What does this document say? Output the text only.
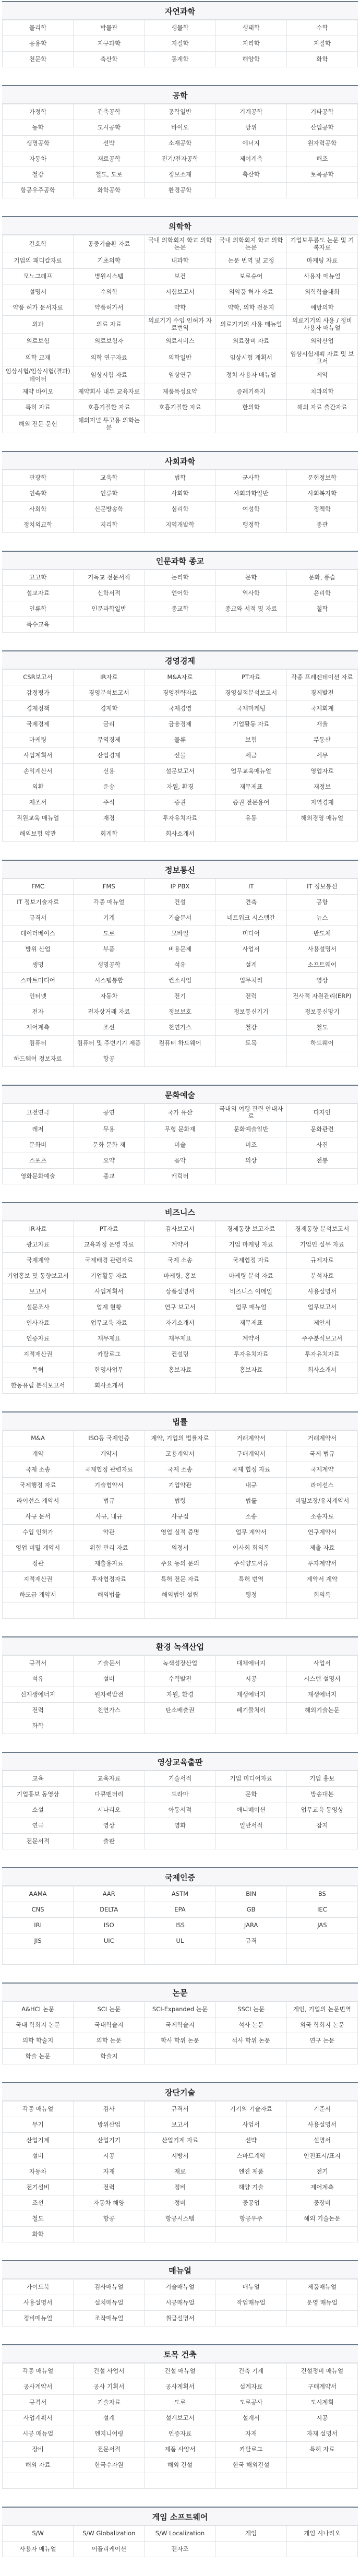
자연과학
물리학	박물관	생물학	생태학	수학
응용학	지구과학	지질학	지리학	지질학
천문학	축산학	통계학	해양학	화학
공학
가정학	건축공학	공학일반	기계공학	기타공학
농학	도시공학	바이오	방위	산업공학
생명공학	선박	소재공학	에너지	원자력공학
자동차	재료공학	전기/전자공학	제어계측	해조
철강	철도, 도로	정보소재	축산학	토목공학
항공우주공학	화학공학	환경공학		
의학학
간호학	공중기술환 자료	국내 의학회지 학교 의학 논문	국내 의학회지 학교 의학 논문	기업보투릉도 논문 및 기록자료
기업의 패디칼자료	기초의학	내과학	논문 번역 및 교정	마케팅 자료
모노그래프	병원시스템	보건	보로슈어	사용자 매뉴얼
설명서	수의학	시험보고서	의약품 허가 자료	의학학술대회
약품 허가 문서자료	약품허가서	약학	약학, 의학 전문지	예방의학
외과	의료 자료	의료기기 수입 인허가 자료번역	의료기기의 사용 매뉴얼	의료기기의 사용 / 정비 사용자 매뉴얼
의료보험	의료보험자	의료서비스	의료장비 자료	의약산업
의학 교재	의학 연구자료	의학일반	임상시험 계획서	임상시험계획 자료 및 보고서
임상시험/임상시험(결과) 데이터	임상시험 자료	임상연구	정치 사용자 매뉴얼	제약
제약 바이오	제약회사 내부 교육자료	제품특성요약	증례기록지	치과의학
특허 자료	호흡기질환 자료	호흡기질환 자료	한의학	해외 자료 출간자료
해외 전문 문헌	해외저널 투고용 의학논문			
사회과학
관광학	교육학	법학	군사학	문헌정보학
언속학	인류학	사회학	사회과학일반	사회복지학
사회학	신문방송학	심리학	여성학	정책학
정치외교학	지리학	지역개발학	행정학	종관
인문과학 종교
고고학	기독교 전문서적	논리학	문학	문화, 풍습
설교자료	신학서적	언어학	역사학	윤리학
인류학	인문과학일반	종교학	종교와 서적 및 자료	철학
특수교육				
경영경제
CSR보고서	IR자료	M&A자료	PT자료	각종 프레젠테이션 자료
감정평가	경영분석보고서	경영전략자료	경영실적분석보고서	경제발전
경제정책	경제학	국제경영	국제마케팅	국제회계
국제경제	금리	금융경제	기업활동 자료	재울
마케팅	무역경제	물류	보험	부동산
사업계획서	산업경제	선물	세금	세무
손익계산서	신용	설문보고서	업무교육매뉴얼	영업자료
외환	운송	자원, 환경	재무제표	재정보
제조서	주식	증권	증권 전문용어	지역경제
직원교육 매뉴얼	재경	투자유치자료	유통	해외경영 매뉴얼
해외보험 약관	회계학	회사소개서		
정보통신
FMC	FMS	IP PBX	IT	IT 정보통신
IT 정보기술자료	각종 매뉴얼	건설	견축	공항
규격서	기계	기술문서	네트워크 시스템간	뉴스
데이터베이스	도로	모바일	미디어	반도체
방위 산업	부품	비용문제	사업서	사용설명서
생명	생명공학	석유	설계	소프트웨어
스마트미디어	시스템통합	컨소시엄	업무처리	영상
인터넷	자동차	전기	전력	전사적 자원관리(ERP)
전자	전자상거래 자료	정보보호	정보통신기기	정보통신망기
제어계측	조선	천연가스	철강	철도
컴퓨터	컴퓨터 및 주변기기 제품	컴퓨터 하드웨어	토목	하드웨어
하드웨어 정보자료	항공			
문화예술
고전연극	공연	국가 유산	국내외 여행 관련 안내자료	다자인
레저	무용	무형 문화재	문화예술일반	문화관련
문화비	문화 문화 재	미술	미조	사진
스포츠	요약	음악	의상	전통
영화문화예술	종교	캐릭터		
비즈니스
IR자료	PT자료	감사보고서	경제동향 보고자료	경제동향 분석보고서
광고자료	교육과정 운영 자료	계약서	기업 마케팅 자료	기업인 실무 자료
국제계약	국제배경 관련자료	국제 소송	국제협정 자료	규제자료
기업홍보 및 동향보고서	기업활동 자료	마케팅, 홍보	마케팅 분석 자료	분석자료
보고서	사업계획서	상품설명서	비즈니스 이메일	사용설명서
설문조사	업계 현황	연구 보고서	업무 매뉴얼	업무보고서
인사자료	업무교육 자료	자기소개서	재무제표	제안서
인증자료	재무제표	재무제표	계약서	주주분석보고서
지적재산권	카탈로그	컨설팅	투자유치자료	투자유치자료
특허	한영사업무	홍보자료	홍보자료	회사소개서
한동유럽 분석보고서	회사소개서			
법률
M&A	ISO등 국제인증	계약, 기업의 법률자료	거래계약서	거래계약서
계약	계약서	고용계약서	구매계약서	국제 법규
국제 소송	국제협정 관련자료	국제 소송	국제 협정 자료	국제계약
국제행정 자료	기술협약서	기업약관	내규	라이선스
라이선스 계약서	법규	법령	법률	비밀보장/유지계약서
사규 문서	사규, 내규	사규집	소송	소송자료
수입 인허가	약관	영업 실적 증명	업무 계약서	연구계약서
영업 비밀 계약서	위험 관리 자료	의정서	이사회 회의록	제출 자료
정관	제출용자료	주요 동의 문의	주식양도서류	투자계약서
지적재산권	투자협정자료	특허 전문 자료	특허 번역	계약서 계약
하도급 계약서	해외법률	해외법인 설립	행정	회의록

환경 녹색산업
규격서	기술문서	녹색성장산업	대체에너지	사업서
석유	설비	수력발전	시공	시스템 설명서
신재생에너지	원자력발전	자원, 환경	재생에너지	재생에너지
전력	천연가스	탄소배출권	폐기물처리	해외기술논문
화학				
영상교육출판
교육	교육자료	기술서적	기업 미디어자료	기업 홍보
기업홍보 동영상	다큐멘터리	드라마	문학	방송대본
소설	시나리오	아동서적	애니메이션	업무교육 동영상
연극	영상	영화	일반서적	잡지
전문서적	출판			
국제인증
AAMA	AAR	ASTM	BIN	BS
CNS	DELTA	EPA	GB	IEC
IRI	ISO	ISS	JARA	JAS
JIS	UIC	UL	규격	

논문
A&HCI 논문	SCI 논문	SCI-Expanded 논문	SSCI 논문	게인, 기업의 논문번역
국내 학회지 논문	국내학술지	국제학술지	석사 논문	외국 학회지 논문
의학 학술지	의학 논문	학사 학위 논문	석사 학위 논문	연구 논문
학술 논문	학술지			
장단기술
각종 매뉴얼	검사	규격서	기기의 기술자료	기준서
무기	방위산업	보고서	사업서	사용설명서
산업기계	산업기기	산업기계 자료	선박	설명서
설비	시공	시방서	스마트계약	안전표시/표지
자동차	자재	재료	엔진 제품	전기
전기설비	전력	정비	해양 기술	제어계측
조선	자동차 해양	정비	중공업	중장비
철도	항공	항공시스템	항공우주	해외 기술논문
화학				
매뉴얼
가이드북	검사매뉴얼	기술매뉴얼	매뉴얼	제품매뉴얼
사용설명서	설치매뉴얼	시공매뉴얼	작업매뉴얼	운영 매뉴얼
정비매뉴얼	조작매뉴얼	취급설명서		
토목 건축
각종 매뉴얼	건설 사업서	건설 매뉴얼	건축 기계	건설정비 매뉴얼
공사계약서	공사 기획서	공사계획서	설계자료	구매계약서
규격서	기술자료	도로	도로공사	도시계획
사업계획서	설계	설계보고서	설계서	시공
시공 매뉴얼	엔지니어링	인증자료	자재	자재 설명서
장비	전문서적	제품 사양서	카탈로그	특허 자료
해외 자료	한국수자원	해외 건설	한국 해외건설	

게임 소프트웨어
S/W	S/W Globalization	S/W Localization	게임	게임 시나리오
사용자 매뉴얼	어플리케이션	전자조		
